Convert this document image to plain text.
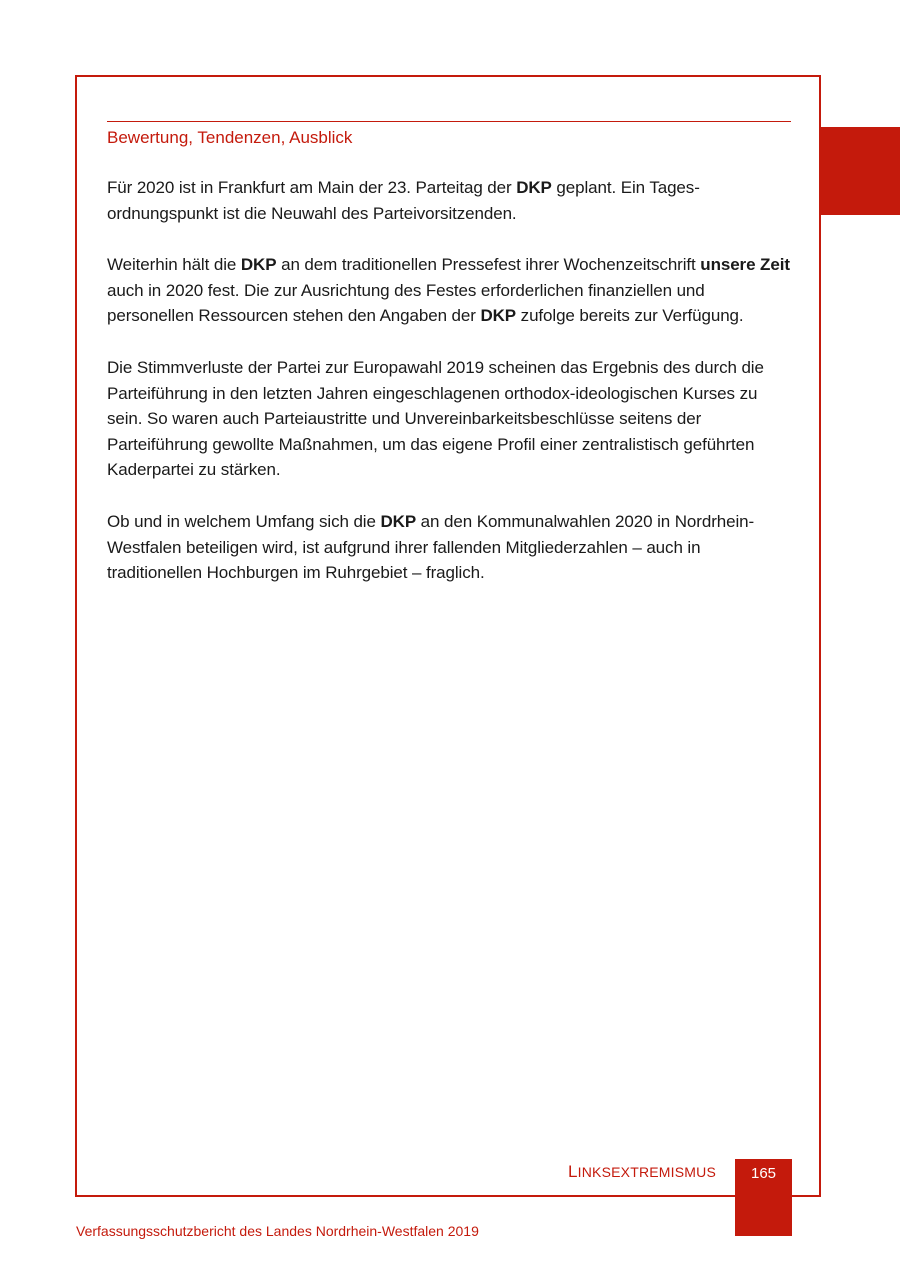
Bewertung, Tendenzen, Ausblick

Für 2020 ist in Frankfurt am Main der 23. Parteitag der DKP geplant. Ein Tagesordnungspunkt ist die Neuwahl des Parteivorsitzenden.

Weiterhin hält die DKP an dem traditionellen Pressefest ihrer Wochenzeitschrift unsere Zeit auch in 2020 fest. Die zur Ausrichtung des Festes erforderlichen finanziellen und personellen Ressourcen stehen den Angaben der DKP zufolge bereits zur Verfügung.

Die Stimmverluste der Partei zur Europawahl 2019 scheinen das Ergebnis des durch die Parteiführung in den letzten Jahren eingeschlagenen orthodox-ideologischen Kurses zu sein. So waren auch Parteiaustritte und Unvereinbarkeitsbeschlüsse seitens der Parteiführung gewollte Maßnahmen, um das eigene Profil einer zentralistisch geführten Kaderpartei zu stärken.

Ob und in welchem Umfang sich die DKP an den Kommunalwahlen 2020 in Nordrhein-Westfalen beteiligen wird, ist aufgrund ihrer fallenden Mitgliederzahlen – auch in traditionellen Hochburgen im Ruhrgebiet – fraglich.

LINKSEXTREMISMUS	165
Verfassungsschutzbericht des Landes Nordrhein-Westfalen 2019
